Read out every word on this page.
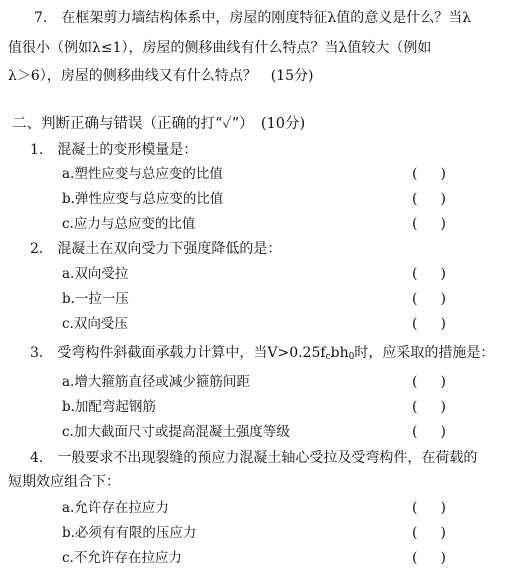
7.　在框架剪力墙结构体系中，房屋的刚度特征λ值的意义是什么？当λ
值很小（例如λ≤1），房屋的侧移曲线有什么特点？当λ值较大（例如
λ＞6），房屋的侧移曲线又有什么特点？　(15分)
二、判断正确与错误（正确的打“✓”）　(10分)
1.　混凝土的变形模量是：
a.塑性应变与总应变的比值	( )
b.弹性应变与总应变的比值	( )
c.应力与总应变的比值	( )
2.　混凝土在双向受力下强度降低的是：
a.双向受拉	( )
b.一拉一压	( )
c.双向受压	( )
3.　受弯构件斜截面承载力计算中，当$V>0.25f_cbh_0$时，应采取的措施是：
a.增大箍筋直径或减少箍筋间距	( )
b.加配弯起钢筋	( )
c.加大截面尺寸或提高混凝土强度等级	( )
4.　一般要求不出现裂缝的预应力混凝土轴心受拉及受弯构件，在荷载的
短期效应组合下：
a.允许存在拉应力	( )
b.必须有有限的压应力	( )
c.不允许存在拉应力	( )
